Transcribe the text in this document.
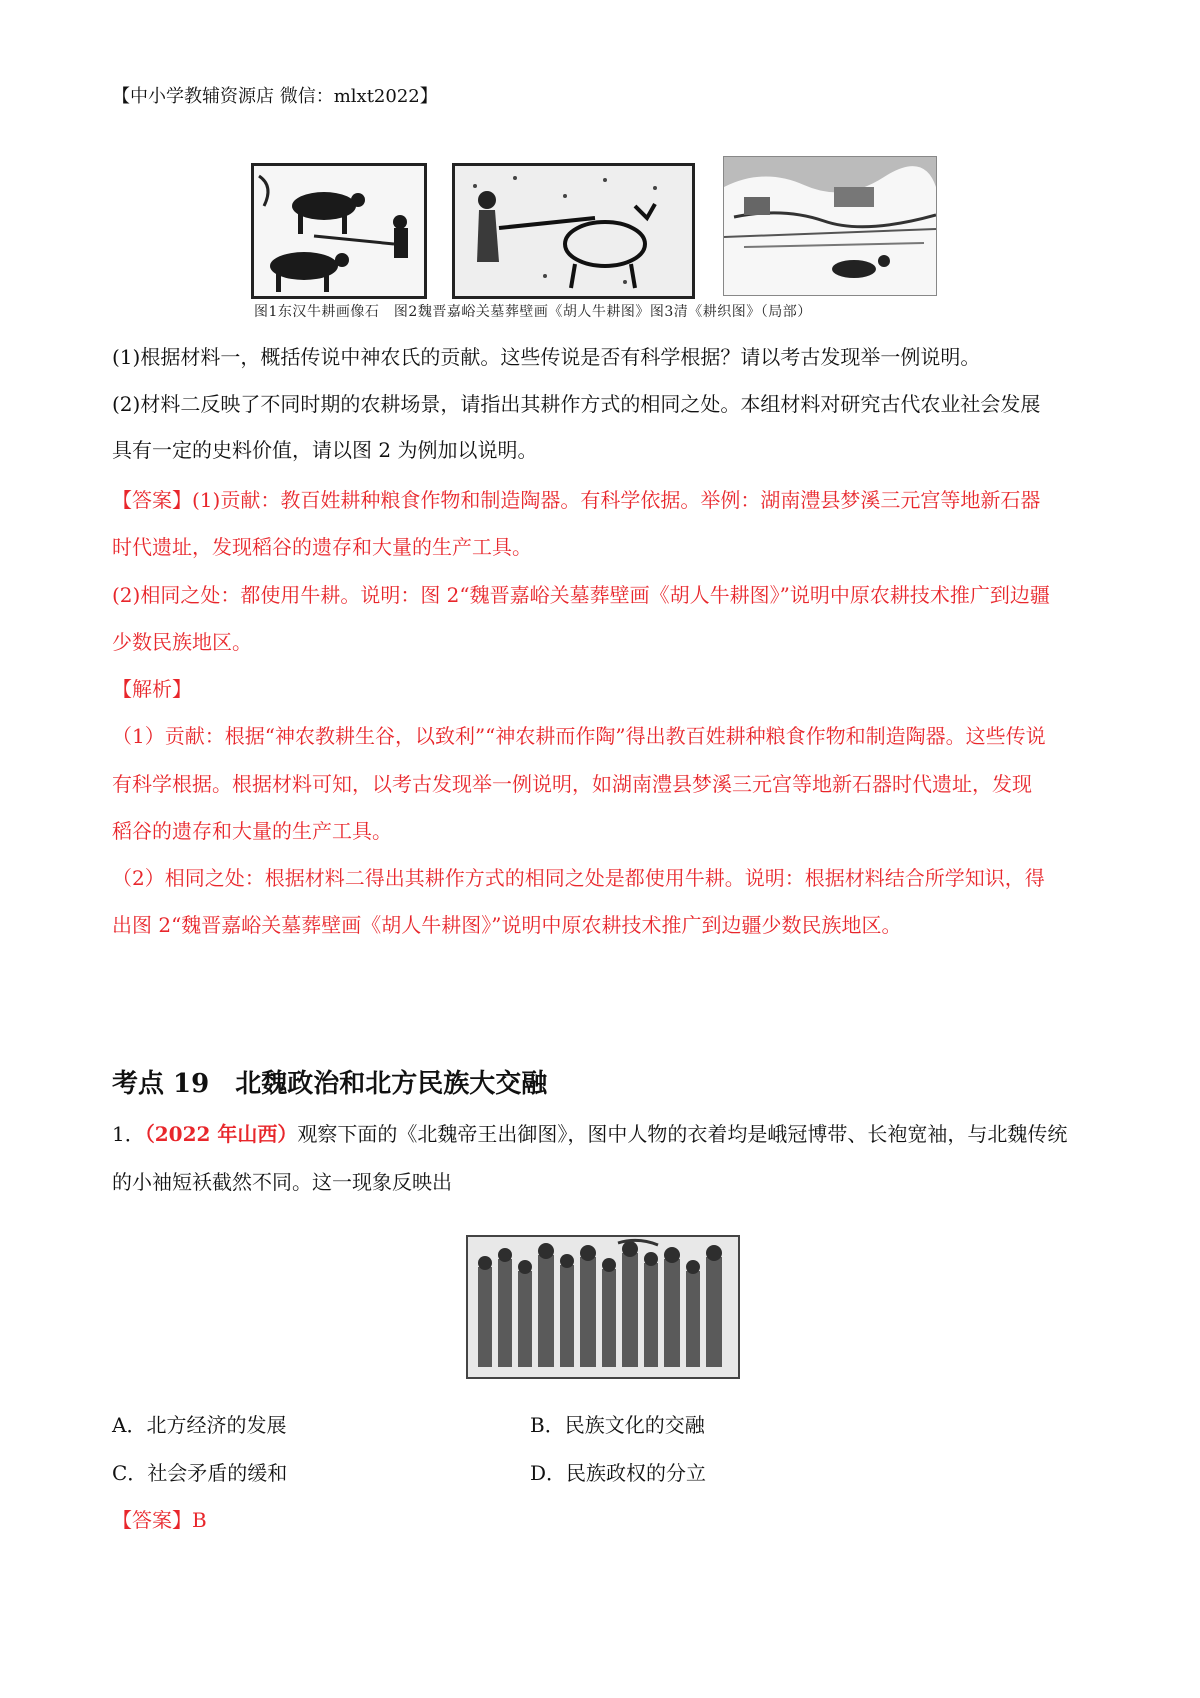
【中小学教辅资源店 微信：mlxt2022】
图1东汉牛耕画像石　图2魏晋嘉峪关墓葬壁画《胡人牛耕图》图3清《耕织图》（局部）
(1)根据材料一，概括传说中神农氏的贡献。这些传说是否有科学根据？请以考古发现举一例说明。
(2)材料二反映了不同时期的农耕场景，请指出其耕作方式的相同之处。本组材料对研究古代农业社会发展
具有一定的史料价值，请以图 2 为例加以说明。
【答案】(1)贡献：教百姓耕种粮食作物和制造陶器。有科学依据。举例：湖南澧县梦溪三元宫等地新石器
时代遗址，发现稻谷的遗存和大量的生产工具。
(2)相同之处：都使用牛耕。说明：图 2“魏晋嘉峪关墓葬壁画《胡人牛耕图》”说明中原农耕技术推广到边疆
少数民族地区。
【解析】
（1）贡献：根据“神农教耕生谷，以致利”“神农耕而作陶”得出教百姓耕种粮食作物和制造陶器。这些传说
有科学根据。根据材料可知，以考古发现举一例说明，如湖南澧县梦溪三元宫等地新石器时代遗址，发现
稻谷的遗存和大量的生产工具。
（2）相同之处：根据材料二得出其耕作方式的相同之处是都使用牛耕。说明：根据材料结合所学知识，得
出图 2“魏晋嘉峪关墓葬壁画《胡人牛耕图》”说明中原农耕技术推广到边疆少数民族地区。
考点 19 北魏政治和北方民族大交融
1．（2022 年山西）观察下面的《北魏帝王出御图》，图中人物的衣着均是峨冠博带、长袍宽袖，与北魏传统
的小袖短袄截然不同。这一现象反映出
A．北方经济的发展	B．民族文化的交融
C．社会矛盾的缓和	D．民族政权的分立
【答案】B
